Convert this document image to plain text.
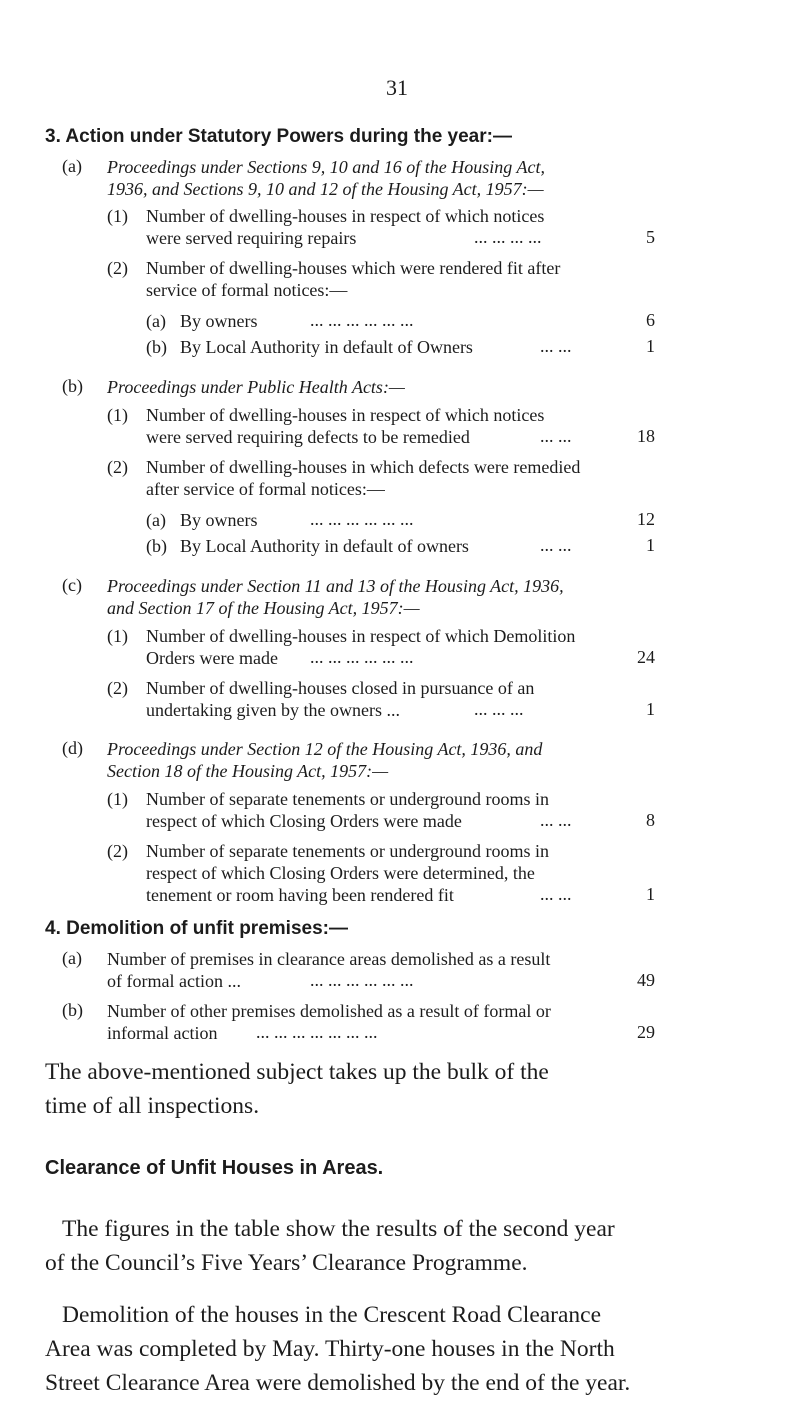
31
3. Action under Statutory Powers during the year:—
(a) Proceedings under Sections 9, 10 and 16 of the Housing Act,
1936, and Sections 9, 10 and 12 of the Housing Act, 1957:—
(1) Number of dwelling-houses in respect of which notices
were served requiring repairs	... ... ... ...	5
(2) Number of dwelling-houses which were rendered fit after
service of formal notices:—
(a) By owners	... ... ... ... ... ...	6
(b) By Local Authority in default of Owners	... ...	1
(b) Proceedings under Public Health Acts:—
(1) Number of dwelling-houses in respect of which notices
were served requiring defects to be remedied	... ...	18
(2) Number of dwelling-houses in which defects were remedied
after service of formal notices:—
(a) By owners	... ... ... ... ... ...	12
(b) By Local Authority in default of owners	... ...	1
(c) Proceedings under Section 11 and 13 of the Housing Act, 1936,
and Section 17 of the Housing Act, 1957:—
(1) Number of dwelling-houses in respect of which Demolition
Orders were made ... ... ... ... ... ...	24
(2) Number of dwelling-houses closed in pursuance of an
undertaking given by the owners ...	... ... ...	1
(d) Proceedings under Section 12 of the Housing Act, 1936, and
Section 18 of the Housing Act, 1957:—
(1) Number of separate tenements or underground rooms in
respect of which Closing Orders were made	... ...	8
(2) Number of separate tenements or underground rooms in
respect of which Closing Orders were determined, the
tenement or room having been rendered fit	... ...	1
4. Demolition of unfit premises:—
(a) Number of premises in clearance areas demolished as a result
of formal action ...	... ... ... ... ... ...	49
(b) Number of other premises demolished as a result of formal or
informal action ... ... ... ... ... ... ...	29
The above-mentioned subject takes up the bulk of the
time of all inspections.
Clearance of Unfit Houses in Areas.
The figures in the table show the results of the second year
of the Council’s Five Years’ Clearance Programme.
Demolition of the houses in the Crescent Road Clearance
Area was completed by May. Thirty-one houses in the North
Street Clearance Area were demolished by the end of the year.
